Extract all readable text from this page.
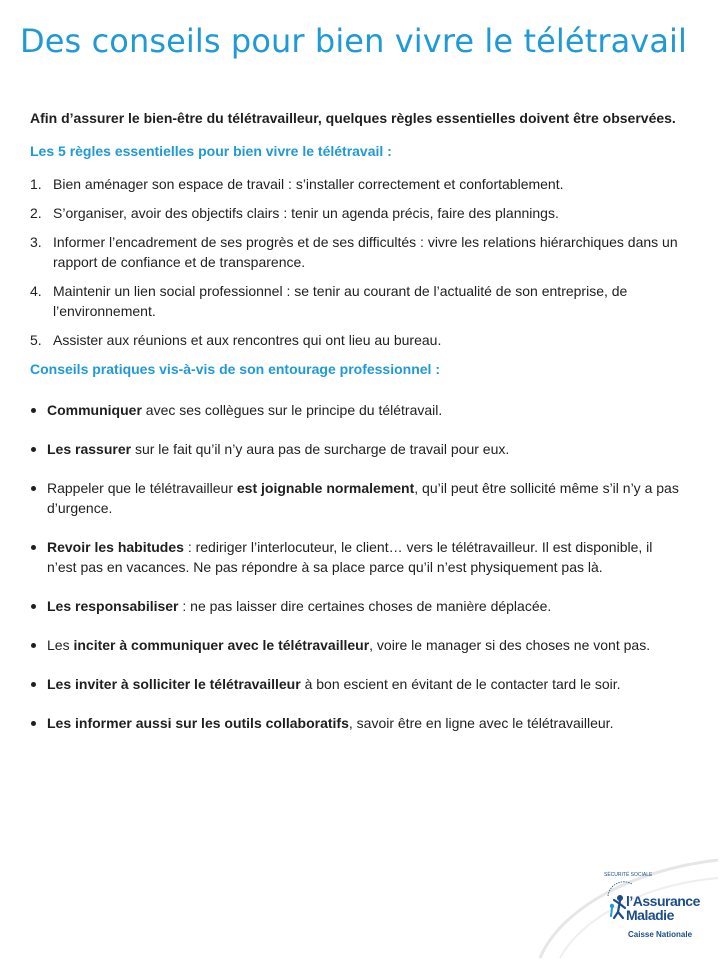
Des conseils pour bien vivre le télétravail

Afin d’assurer le bien-être du télétravailleur, quelques règles essentielles doivent être observées.

Les 5 règles essentielles pour bien vivre le télétravail :

1. Bien aménager son espace de travail : s’installer correctement et confortablement.
2. S’organiser, avoir des objectifs clairs : tenir un agenda précis, faire des plannings.
3. Informer l’encadrement de ses progrès et de ses difficultés : vivre les relations hiérarchiques dans un rapport de confiance et de transparence.
4. Maintenir un lien social professionnel : se tenir au courant de l’actualité de son entreprise, de l’environnement.
5. Assister aux réunions et aux rencontres qui ont lieu au bureau.

Conseils pratiques vis-à-vis de son entourage professionnel :

Communiquer avec ses collègues sur le principe du télétravail.
Les rassurer sur le fait qu’il n’y aura pas de surcharge de travail pour eux.
Rappeler que le télétravailleur est joignable normalement, qu’il peut être sollicité même s’il n’y a pas d’urgence.
Revoir les habitudes : rediriger l’interlocuteur, le client… vers le télétravailleur. Il est disponible, il n’est pas en vacances. Ne pas répondre à sa place parce qu’il n’est physiquement pas là.
Les responsabiliser : ne pas laisser dire certaines choses de manière déplacée.
Les inciter à communiquer avec le télétravailleur, voire le manager si des choses ne vont pas.
Les inviter à solliciter le télétravailleur à bon escient en évitant de le contacter tard le soir.
Les informer aussi sur les outils collaboratifs, savoir être en ligne avec le télétravailleur.
SÉCURITÉ SOCIALE
l’Assurance
Maladie
Caisse Nationale
